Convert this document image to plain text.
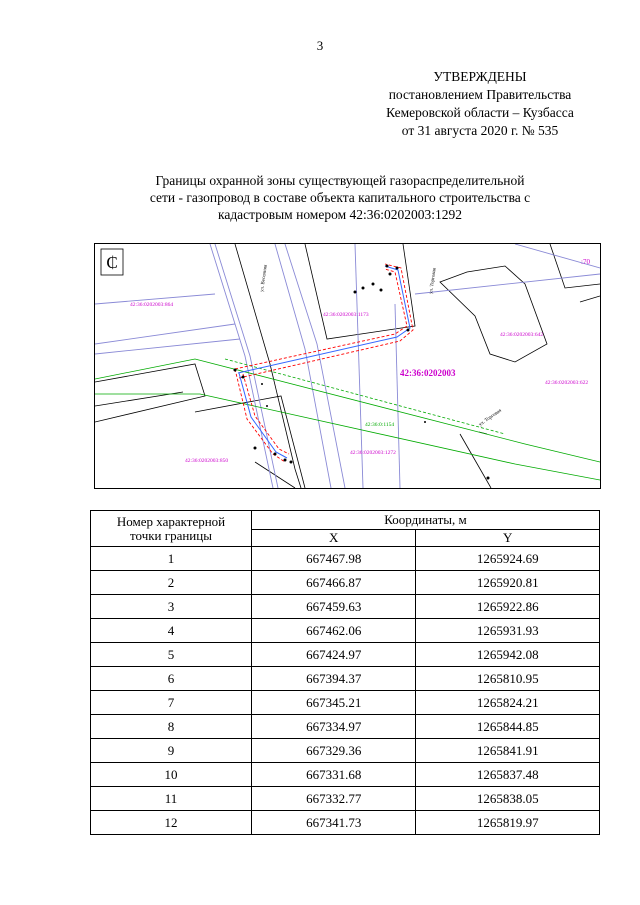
3
УТВЕРЖДЕНЫ
постановлением Правительства
Кемеровской области – Кузбасса
от 31 августа 2020 г. № 535
Границы охранной зоны существующей газораспределительной
сети - газопровод в составе объекта капитального строительства с
кадастровым номером 42:36:0202003:1292
₵
42:36:0202003:864
42:36:0202003:1173
42:36:0202003:642
42:36:0202003:622
42:36:0202003:850
42:36:0202003:1272
42:36:0:1154
42:36:0202003
:70
ул. Весенняя	ул. Торговая
ул. Торговая
Номер характерной
точки границы	Координаты, м	
	X	Y
1	667467.98	1265924.69
2	667466.87	1265920.81
3	667459.63	1265922.86
4	667462.06	1265931.93
5	667424.97	1265942.08
6	667394.37	1265810.95
7	667345.21	1265824.21
8	667334.97	1265844.85
9	667329.36	1265841.91
10	667331.68	1265837.48
11	667332.77	1265838.05
12	667341.73	1265819.97
